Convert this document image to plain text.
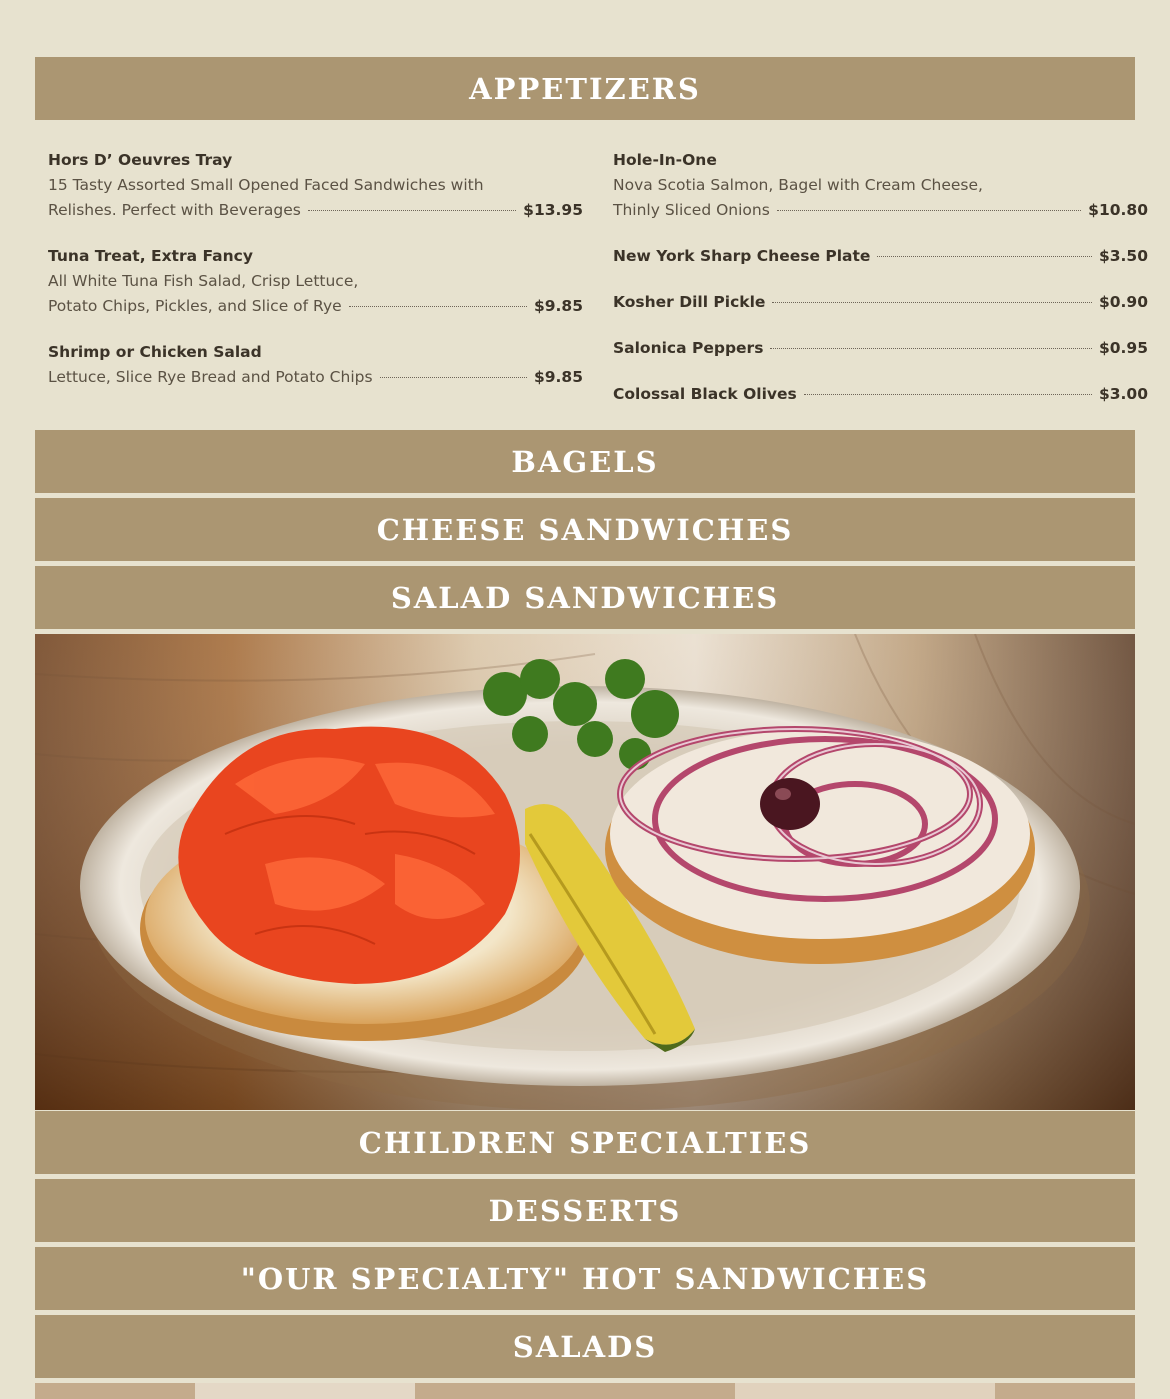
APPETIZERS
Hors D’ Oeuvres Tray
15 Tasty Assorted Small Opened Faced Sandwiches with
Relishes. Perfect with Beverages	$13.95
Tuna Treat, Extra Fancy
All White Tuna Fish Salad, Crisp Lettuce,
Potato Chips, Pickles, and Slice of Rye	$9.85
Shrimp or Chicken Salad
Lettuce, Slice Rye Bread and Potato Chips	$9.85
Hole-In-One
Nova Scotia Salmon, Bagel with Cream Cheese,
Thinly Sliced Onions	$10.80
New York Sharp Cheese Plate	$3.50
Kosher Dill Pickle	$0.90
Salonica Peppers	$0.95
Colossal Black Olives	$3.00
BAGELS
CHEESE SANDWICHES
SALAD SANDWICHES
CHILDREN SPECIALTIES
DESSERTS
"OUR SPECIALTY" HOT SANDWICHES
SALADS
